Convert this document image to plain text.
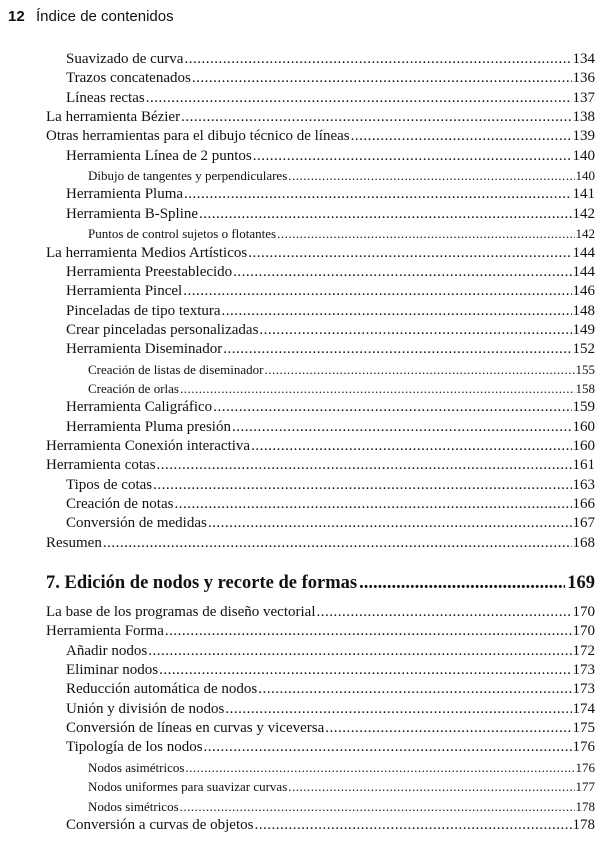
12 Índice de contenidos
Suavizado de curva .....	134
Trazos concatenados .....	136
Líneas rectas .....	137
La herramienta Bézier .....	138
Otras herramientas para el dibujo técnico de líneas .....	139
Herramienta Línea de 2 puntos .....	140
Dibujo de tangentes y perpendiculares .....	140
Herramienta Pluma .....	141
Herramienta B-Spline .....	142
Puntos de control sujetos o flotantes .....	142
La herramienta Medios Artísticos .....	144
Herramienta Preestablecido .....	144
Herramienta Pincel .....	146
Pinceladas de tipo textura .....	148
Crear pinceladas personalizadas .....	149
Herramienta Diseminador .....	152
Creación de listas de diseminador .....	155
Creación de orlas .....	158
Herramienta Caligráfico .....	159
Herramienta Pluma presión .....	160
Herramienta Conexión interactiva .....	160
Herramienta cotas .....	161
Tipos de cotas .....	163
Creación de notas .....	166
Conversión de medidas .....	167
Resumen .....	168
7. Edición de nodos y recorte de formas .....	169
La base de los programas de diseño vectorial .....	170
Herramienta Forma .....	170
Añadir nodos .....	172
Eliminar nodos .....	173
Reducción automática de nodos .....	173
Unión y división de nodos .....	174
Conversión de líneas en curvas y viceversa .....	175
Tipología de los nodos .....	176
Nodos asimétricos .....	176
Nodos uniformes para suavizar curvas .....	177
Nodos simétricos .....	178
Conversión a curvas de objetos .....	178
